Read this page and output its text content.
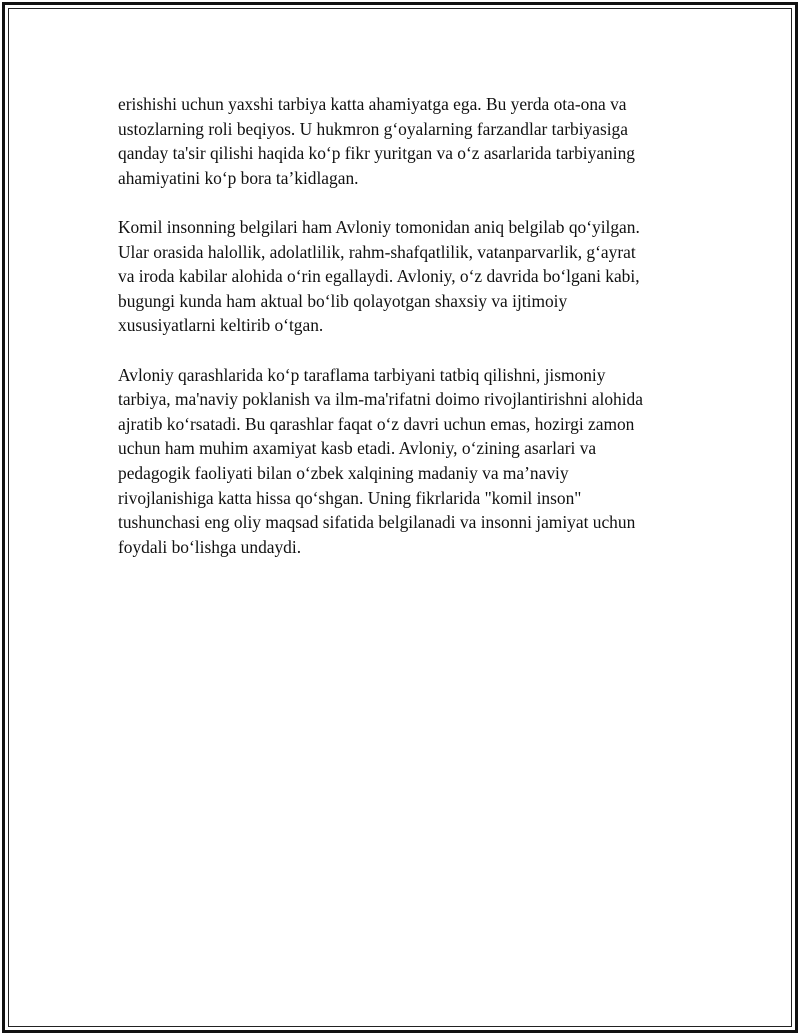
erishishi uchun yaxshi tarbiya katta ahamiyatga ega. Bu yerda ota-ona va
ustozlarning roli beqiyos. U hukmron g‘oyalarning farzandlar tarbiyasiga
qanday ta'sir qilishi haqida ko‘p fikr yuritgan va o‘z asarlarida tarbiyaning
ahamiyatini ko‘p bora ta’kidlagan.

Komil insonning belgilari ham Avloniy tomonidan aniq belgilab qo‘yilgan.
Ular orasida halollik, adolatlilik, rahm-shafqatlilik, vatanparvarlik, g‘ayrat
va iroda kabilar alohida o‘rin egallaydi. Avloniy, o‘z davrida bo‘lgani kabi,
bugungi kunda ham aktual bo‘lib qolayotgan shaxsiy va ijtimoiy
xususiyatlarni keltirib o‘tgan.

Avloniy qarashlarida ko‘p taraflama tarbiyani tatbiq qilishni, jismoniy
tarbiya, ma'naviy poklanish va ilm-ma'rifatni doimo rivojlantirishni alohida
ajratib ko‘rsatadi. Bu qarashlar faqat o‘z davri uchun emas, hozirgi zamon
uchun ham muhim axamiyat kasb etadi. Avloniy, o‘zining asarlari va
pedagogik faoliyati bilan o‘zbek xalqining madaniy va ma’naviy
rivojlanishiga katta hissa qo‘shgan. Uning fikrlarida "komil inson"
tushunchasi eng oliy maqsad sifatida belgilanadi va insonni jamiyat uchun
foydali bo‘lishga undaydi.
